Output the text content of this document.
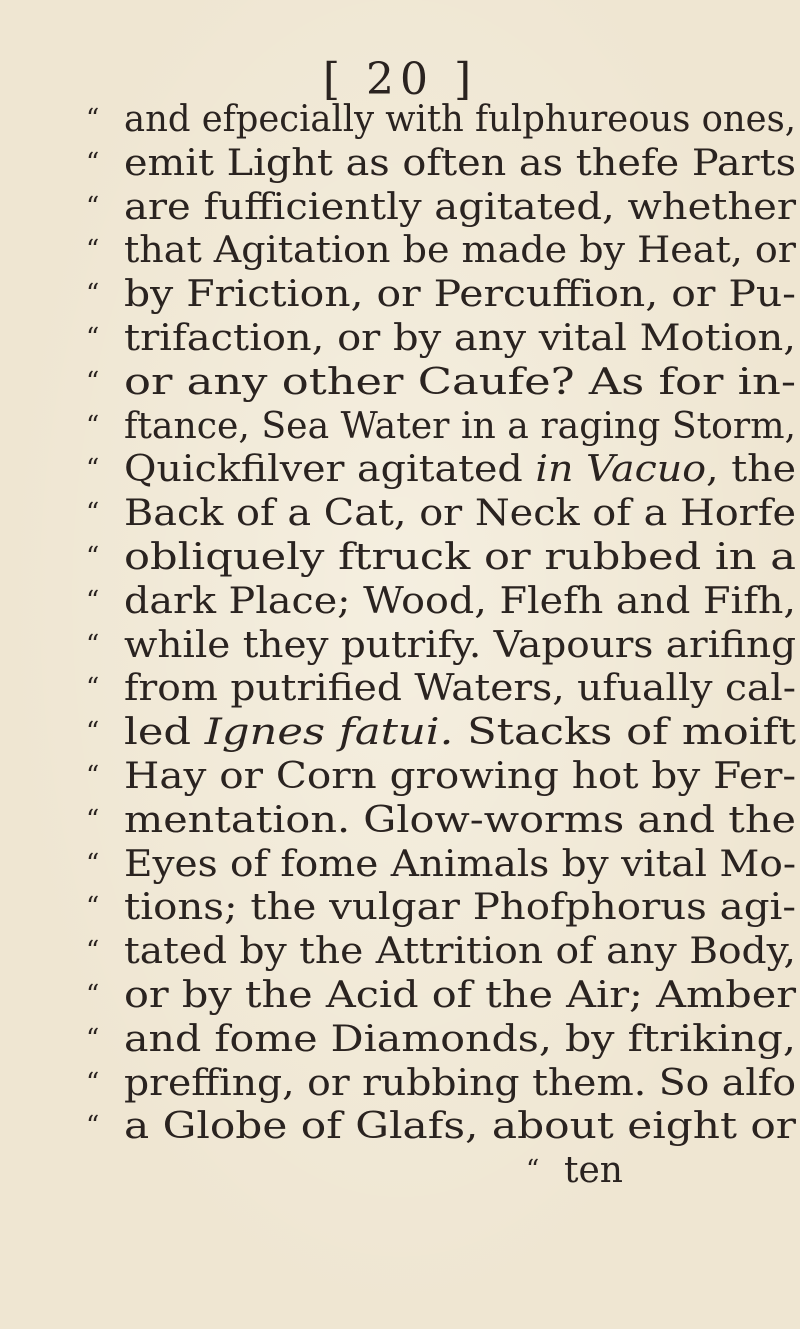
[ 20 ]
“ and efpecially with fulphureous ones,
“ emit Light as often as thefe Parts
“ are fufficiently agitated, whether
“ that Agitation be made by Heat, or
“ by Friction, or Percuffion, or Pu-
“ trifaction, or by any vital Motion,
“ or any other Caufe? As for in-
“ ftance, Sea Water in a raging Storm,
“ Quickfilver agitated in Vacuo, the
“ Back of a Cat, or Neck of a Horfe
“ obliquely ftruck or rubbed in a
“ dark Place; Wood, Flefh and Fifh,
“ while they putrify. Vapours arifing
“ from putrified Waters, ufually cal-
“ led Ignes fatui. Stacks of moift
“ Hay or Corn growing hot by Fer-
“ mentation. Glow-worms and the
“ Eyes of fome Animals by vital Mo-
“ tions; the vulgar Phofphorus agi-
“ tated by the Attrition of any Body,
“ or by the Acid of the Air; Amber
“ and fome Diamonds, by ftriking,
“ preffing, or rubbing them. So alfo
“ a Globe of Glafs, about eight or
“ ten
